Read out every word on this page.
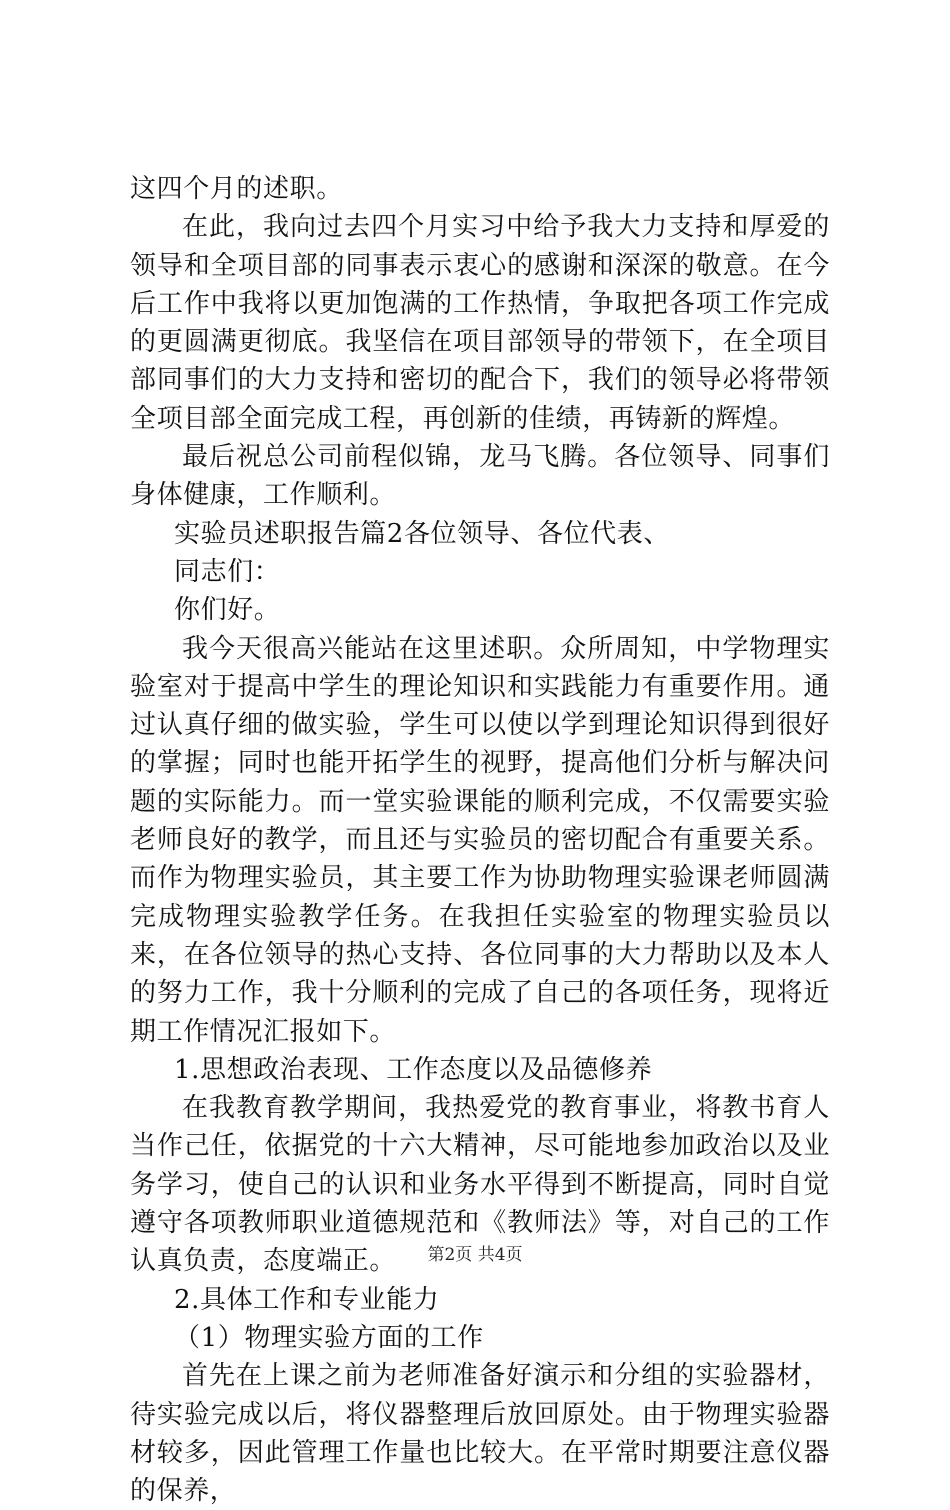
这四个月的述职。

在此，我向过去四个月实习中给予我大力支持和厚爱的领导和全项目部的同事表示衷心的感谢和深深的敬意。在今后工作中我将以更加饱满的工作热情，争取把各项工作完成的更圆满更彻底。我坚信在项目部领导的带领下，在全项目部同事们的大力支持和密切的配合下，我们的领导必将带领全项目部全面完成工程，再创新的佳绩，再铸新的辉煌。

最后祝总公司前程似锦，龙马飞腾。各位领导、同事们身体健康，工作顺利。

实验员述职报告篇2各位领导、各位代表、

同志们：

你们好。

我今天很高兴能站在这里述职。众所周知，中学物理实验室对于提高中学生的理论知识和实践能力有重要作用。通过认真仔细的做实验，学生可以使以学到理论知识得到很好的掌握；同时也能开拓学生的视野，提高他们分析与解决问题的实际能力。而一堂实验课能的顺利完成，不仅需要实验老师良好的教学，而且还与实验员的密切配合有重要关系。而作为物理实验员，其主要工作为协助物理实验课老师圆满完成物理实验教学任务。在我担任实验室的物理实验员以来，在各位领导的热心支持、各位同事的大力帮助以及本人的努力工作，我十分顺利的完成了自己的各项任务，现将近期工作情况汇报如下。

1.思想政治表现、工作态度以及品德修养

在我教育教学期间，我热爱党的教育事业，将教书育人当作己任，依据党的十六大精神，尽可能地参加政治以及业务学习，使自己的认识和业务水平得到不断提高，同时自觉遵守各项教师职业道德规范和《教师法》等，对自己的工作认真负责，态度端正。

2.具体工作和专业能力

（1）物理实验方面的工作

首先在上课之前为老师准备好演示和分组的实验器材，待实验完成以后，将仪器整理后放回原处。由于物理实验器材较多，因此管理工作量也比较大。在平常时期要注意仪器的保养，

第2页 共4页
